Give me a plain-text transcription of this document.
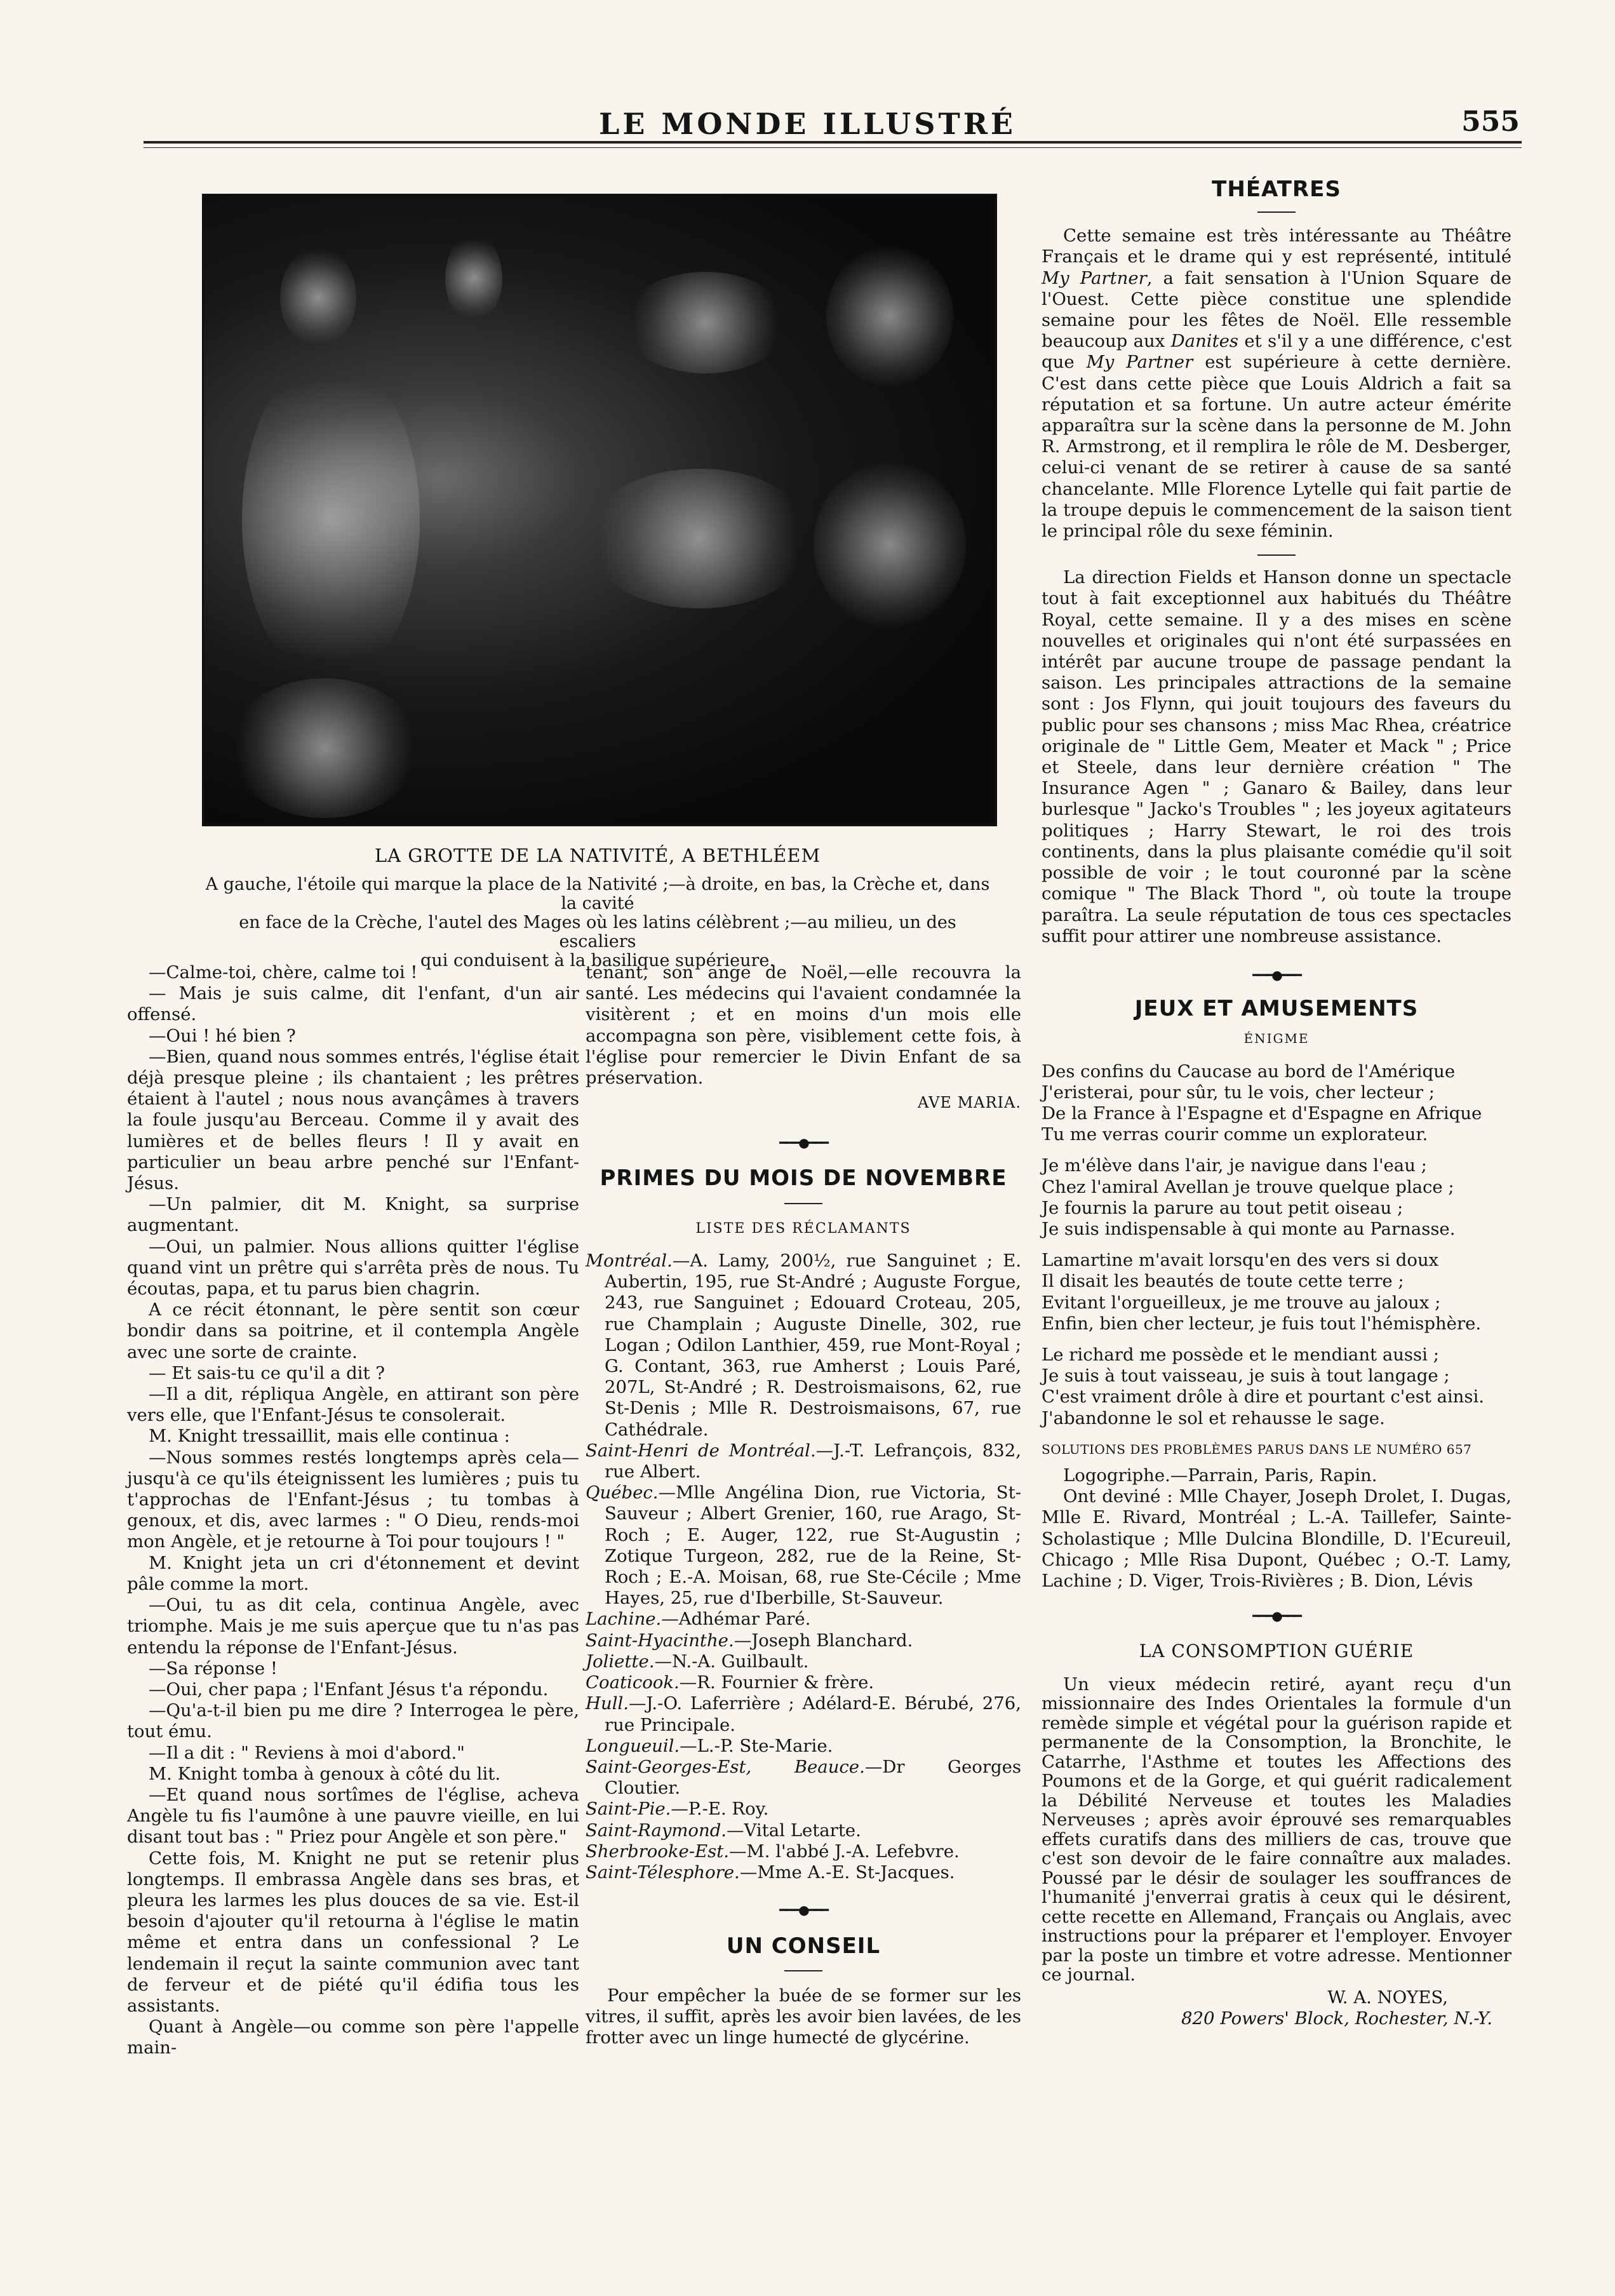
LE MONDE ILLUSTRÉ	555
LA GROTTE DE LA NATIVITÉ, A BETHLÉEM
A gauche, l'étoile qui marque la place de la Nativité ;—à droite, en bas, la Crèche et, dans la cavité
en face de la Crèche, l'autel des Mages où les latins célèbrent ;—au milieu, un des escaliers
qui conduisent à la basilique supérieure.

—Calme-toi, chère, calme toi !

— Mais je suis calme, dit l'enfant, d'un air offensé.

—Oui ! hé bien ?

—Bien, quand nous sommes entrés, l'église était déjà presque pleine ; ils chantaient ; les prêtres étaient à l'autel ; nous nous avançâmes à travers la foule jusqu'au Berceau. Comme il y avait des lumières et de belles fleurs ! Il y avait en particulier un beau arbre penché sur l'Enfant-Jésus.

—Un palmier, dit M. Knight, sa surprise augmentant.

—Oui, un palmier. Nous allions quitter l'église quand vint un prêtre qui s'arrêta près de nous. Tu écoutas, papa, et tu parus bien chagrin.

A ce récit étonnant, le père sentit son cœur bondir dans sa poitrine, et il contempla Angèle avec une sorte de crainte.

— Et sais-tu ce qu'il a dit ?

—Il a dit, répliqua Angèle, en attirant son père vers elle, que l'Enfant-Jésus te consolerait.

M. Knight tressaillit, mais elle continua :

—Nous sommes restés longtemps après cela—jusqu'à ce qu'ils éteignissent les lumières ; puis tu t'approchas de l'Enfant-Jésus ; tu tombas à genoux, et dis, avec larmes : " O Dieu, rends-moi mon Angèle, et je retourne à Toi pour toujours ! "

M. Knight jeta un cri d'étonnement et devint pâle comme la mort.

—Oui, tu as dit cela, continua Angèle, avec triomphe. Mais je me suis aperçue que tu n'as pas entendu la réponse de l'Enfant-Jésus.

—Sa réponse !

—Oui, cher papa ; l'Enfant Jésus t'a répondu.

—Qu'a-t-il bien pu me dire ? Interrogea le père, tout ému.

—Il a dit : " Reviens à moi d'abord."

M. Knight tomba à genoux à côté du lit.

—Et quand nous sortîmes de l'église, acheva Angèle tu fis l'aumône à une pauvre vieille, en lui disant tout bas : " Priez pour Angèle et son père."

Cette fois, M. Knight ne put se retenir plus longtemps. Il embrassa Angèle dans ses bras, et pleura les larmes les plus douces de sa vie. Est-il besoin d'ajouter qu'il retourna à l'église le matin même et entra dans un confessional ? Le lendemain il reçut la sainte communion avec tant de ferveur et de piété qu'il édifia tous les assistants.

Quant à Angèle—ou comme son père l'appelle main-

tenant, son ange de Noël,—elle recouvra la santé. Les médecins qui l'avaient condamnée la visitèrent ; et en moins d'un mois elle accompagna son père, visiblement cette fois, à l'église pour remercier le Divin Enfant de sa préservation.

AVE MARIA.
━━━●━━━
PRIMES DU MOIS DE NOVEMBRE
LISTE DES RÉCLAMANTS

Montréal.—A. Lamy, 200½, rue Sanguinet ; E. Aubertin, 195, rue St-André ; Auguste Forgue, 243, rue Sanguinet ; Edouard Croteau, 205, rue Champlain ; Auguste Dinelle, 302, rue Logan ; Odilon Lanthier, 459, rue Mont-Royal ; G. Contant, 363, rue Amherst ; Louis Paré, 207L, St-André ; R. Destroismaisons, 62, rue St-Denis ; Mlle R. Destroismaisons, 67, rue Cathédrale.

Saint-Henri de Montréal.—J.-T. Lefrançois, 832, rue Albert.

Québec.—Mlle Angélina Dion, rue Victoria, St-Sauveur ; Albert Grenier, 160, rue Arago, St-Roch ; E. Auger, 122, rue St-Augustin ; Zotique Turgeon, 282, rue de la Reine, St-Roch ; E.-A. Moisan, 68, rue Ste-Cécile ; Mme Hayes, 25, rue d'Iberbille, St-Sauveur.

Lachine.—Adhémar Paré.

Saint-Hyacinthe.—Joseph Blanchard.

Joliette.—N.-A. Guilbault.

Coaticook.—R. Fournier & frère.

Hull.—J.-O. Laferrière ; Adélard-E. Bérubé, 276, rue Principale.

Longueuil.—L.-P. Ste-Marie.

Saint-Georges-Est, Beauce.—Dr Georges Cloutier.

Saint-Pie.—P.-E. Roy.

Saint-Raymond.—Vital Letarte.

Sherbrooke-Est.—M. l'abbé J.-A. Lefebvre.

Saint-Télesphore.—Mme A.-E. St-Jacques.

━━━●━━━
UN CONSEIL

Pour empêcher la buée de se former sur les vitres, il suffit, après les avoir bien lavées, de les frotter avec un linge humecté de glycérine.

THÉATRES

Cette semaine est très intéressante au Théâtre Français et le drame qui y est représenté, intitulé My Partner, a fait sensation à l'Union Square de l'Ouest. Cette pièce constitue une splendide semaine pour les fêtes de Noël. Elle ressemble beaucoup aux Danites et s'il y a une différence, c'est que My Partner est supérieure à cette dernière. C'est dans cette pièce que Louis Aldrich a fait sa réputation et sa fortune. Un autre acteur émérite apparaîtra sur la scène dans la personne de M. John R. Armstrong, et il remplira le rôle de M. Desberger, celui-ci venant de se retirer à cause de sa santé chancelante. Mlle Florence Lytelle qui fait partie de la troupe depuis le commencement de la saison tient le principal rôle du sexe féminin.

La direction Fields et Hanson donne un spectacle tout à fait exceptionnel aux habitués du Théâtre Royal, cette semaine. Il y a des mises en scène nouvelles et originales qui n'ont été surpassées en intérêt par aucune troupe de passage pendant la saison. Les principales attractions de la semaine sont : Jos Flynn, qui jouit toujours des faveurs du public pour ses chansons ; miss Mac Rhea, créatrice originale de " Little Gem, Meater et Mack " ; Price et Steele, dans leur dernière création " The Insurance Agen " ; Ganaro & Bailey, dans leur burlesque " Jacko's Troubles " ; les joyeux agitateurs politiques ; Harry Stewart, le roi des trois continents, dans la plus plaisante comédie qu'il soit possible de voir ; le tout couronné par la scène comique " The Black Thord ", où toute la troupe paraîtra. La seule réputation de tous ces spectacles suffit pour attirer une nombreuse assistance.

━━━●━━━
JEUX ET AMUSEMENTS
ÉNIGME

Des confins du Caucase au bord de l'Amérique

J'eristerai, pour sûr, tu le vois, cher lecteur ;

De la France à l'Espagne et d'Espagne en Afrique

Tu me verras courir comme un explorateur.

Je m'élève dans l'air, je navigue dans l'eau ;

Chez l'amiral Avellan je trouve quelque place ;

Je fournis la parure au tout petit oiseau ;

Je suis indispensable à qui monte au Parnasse.

Lamartine m'avait lorsqu'en des vers si doux

Il disait les beautés de toute cette terre ;

Evitant l'orgueilleux, je me trouve au jaloux ;

Enfin, bien cher lecteur, je fuis tout l'hémisphère.

Le richard me possède et le mendiant aussi ;

Je suis à tout vaisseau, je suis à tout langage ;

C'est vraiment drôle à dire et pourtant c'est ainsi.

J'abandonne le sol et rehausse le sage.

SOLUTIONS DES PROBLÈMES PARUS DANS LE NUMÉRO 657

Logogriphe.—Parrain, Paris, Rapin.

Ont deviné : Mlle Chayer, Joseph Drolet, I. Dugas, Mlle E. Rivard, Montréal ; L.-A. Taillefer, Sainte-Scholastique ; Mlle Dulcina Blondille, D. l'Ecureuil, Chicago ; Mlle Risa Dupont, Québec ; O.-T. Lamy, Lachine ; D. Viger, Trois-Rivières ; B. Dion, Lévis

━━━●━━━
LA CONSOMPTION GUÉRIE

Un vieux médecin retiré, ayant reçu d'un missionnaire des Indes Orientales la formule d'un remède simple et végétal pour la guérison rapide et permanente de la Consomption, la Bronchite, le Catarrhe, l'Asthme et toutes les Affections des Poumons et de la Gorge, et qui guérit radicalement la Débilité Nerveuse et toutes les Maladies Nerveuses ; après avoir éprouvé ses remarquables effets curatifs dans des milliers de cas, trouve que c'est son devoir de le faire connaître aux malades. Poussé par le désir de soulager les souffrances de l'humanité j'enverrai gratis à ceux qui le désirent, cette recette en Allemand, Français ou Anglais, avec instructions pour la préparer et l'employer. Envoyer par la poste un timbre et votre adresse. Mentionner ce journal.

W. A. NOYES,
820 Powers' Block, Rochester, N.-Y.
